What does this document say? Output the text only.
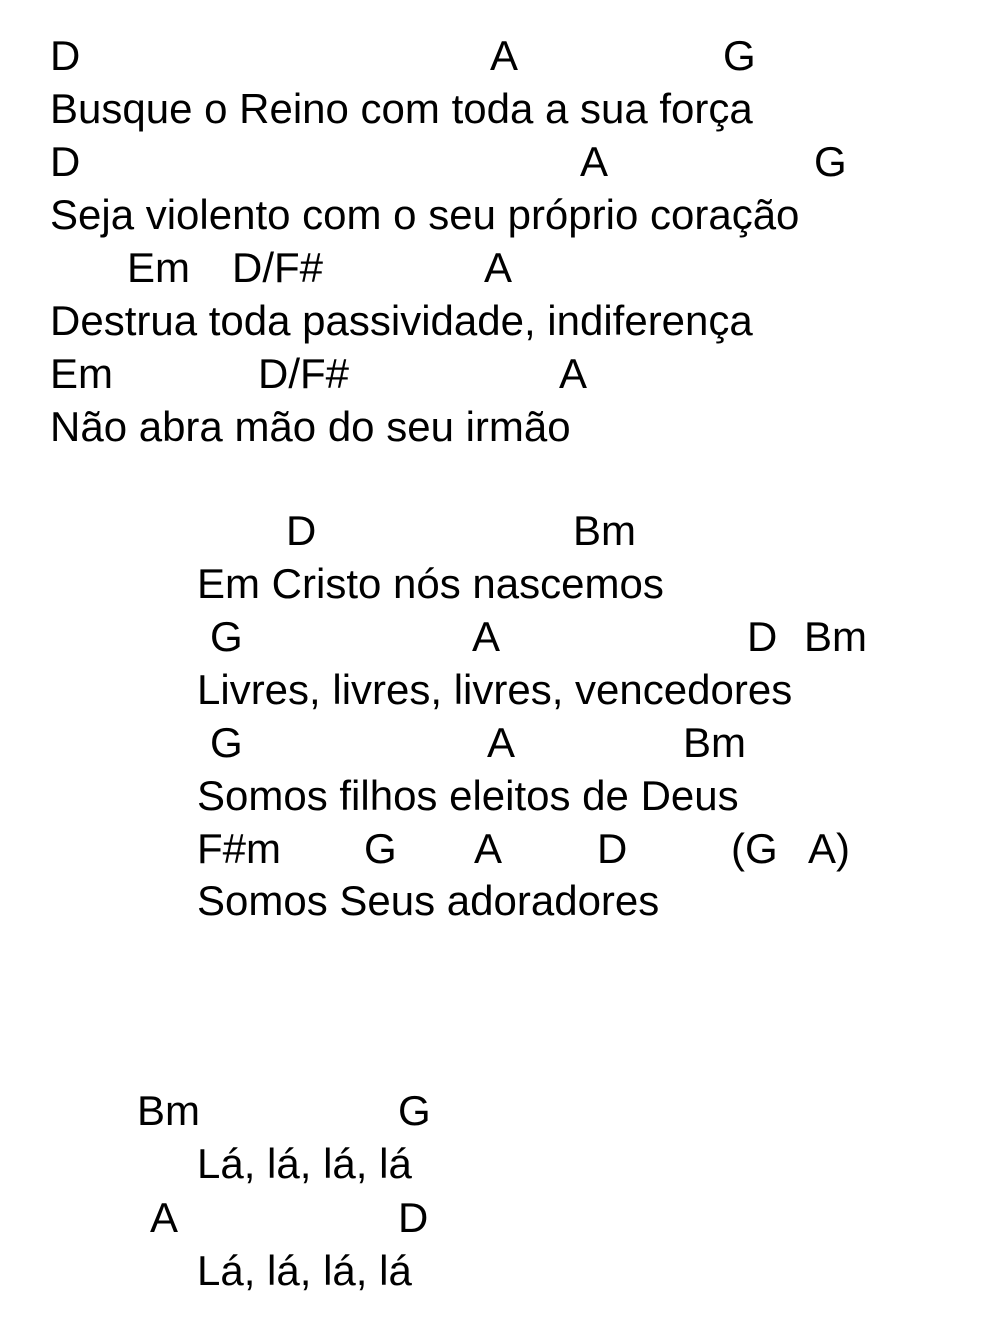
D	A	G
Busque o Reino com toda a sua força
D	A	G
Seja violento com o seu próprio coração
Em D/F#	A
Destrua toda passividade, indiferença
Em	D/F#	A
Não abra mão do seu irmão
D	Bm
Em Cristo nós nascemos
G	A	D Bm
Livres, livres, livres, vencedores
G	A	Bm
Somos filhos eleitos de Deus
F#m G A D (G A)
Somos Seus adoradores
Bm	G
Lá, lá, lá, lá
A	D
Lá, lá, lá, lá
